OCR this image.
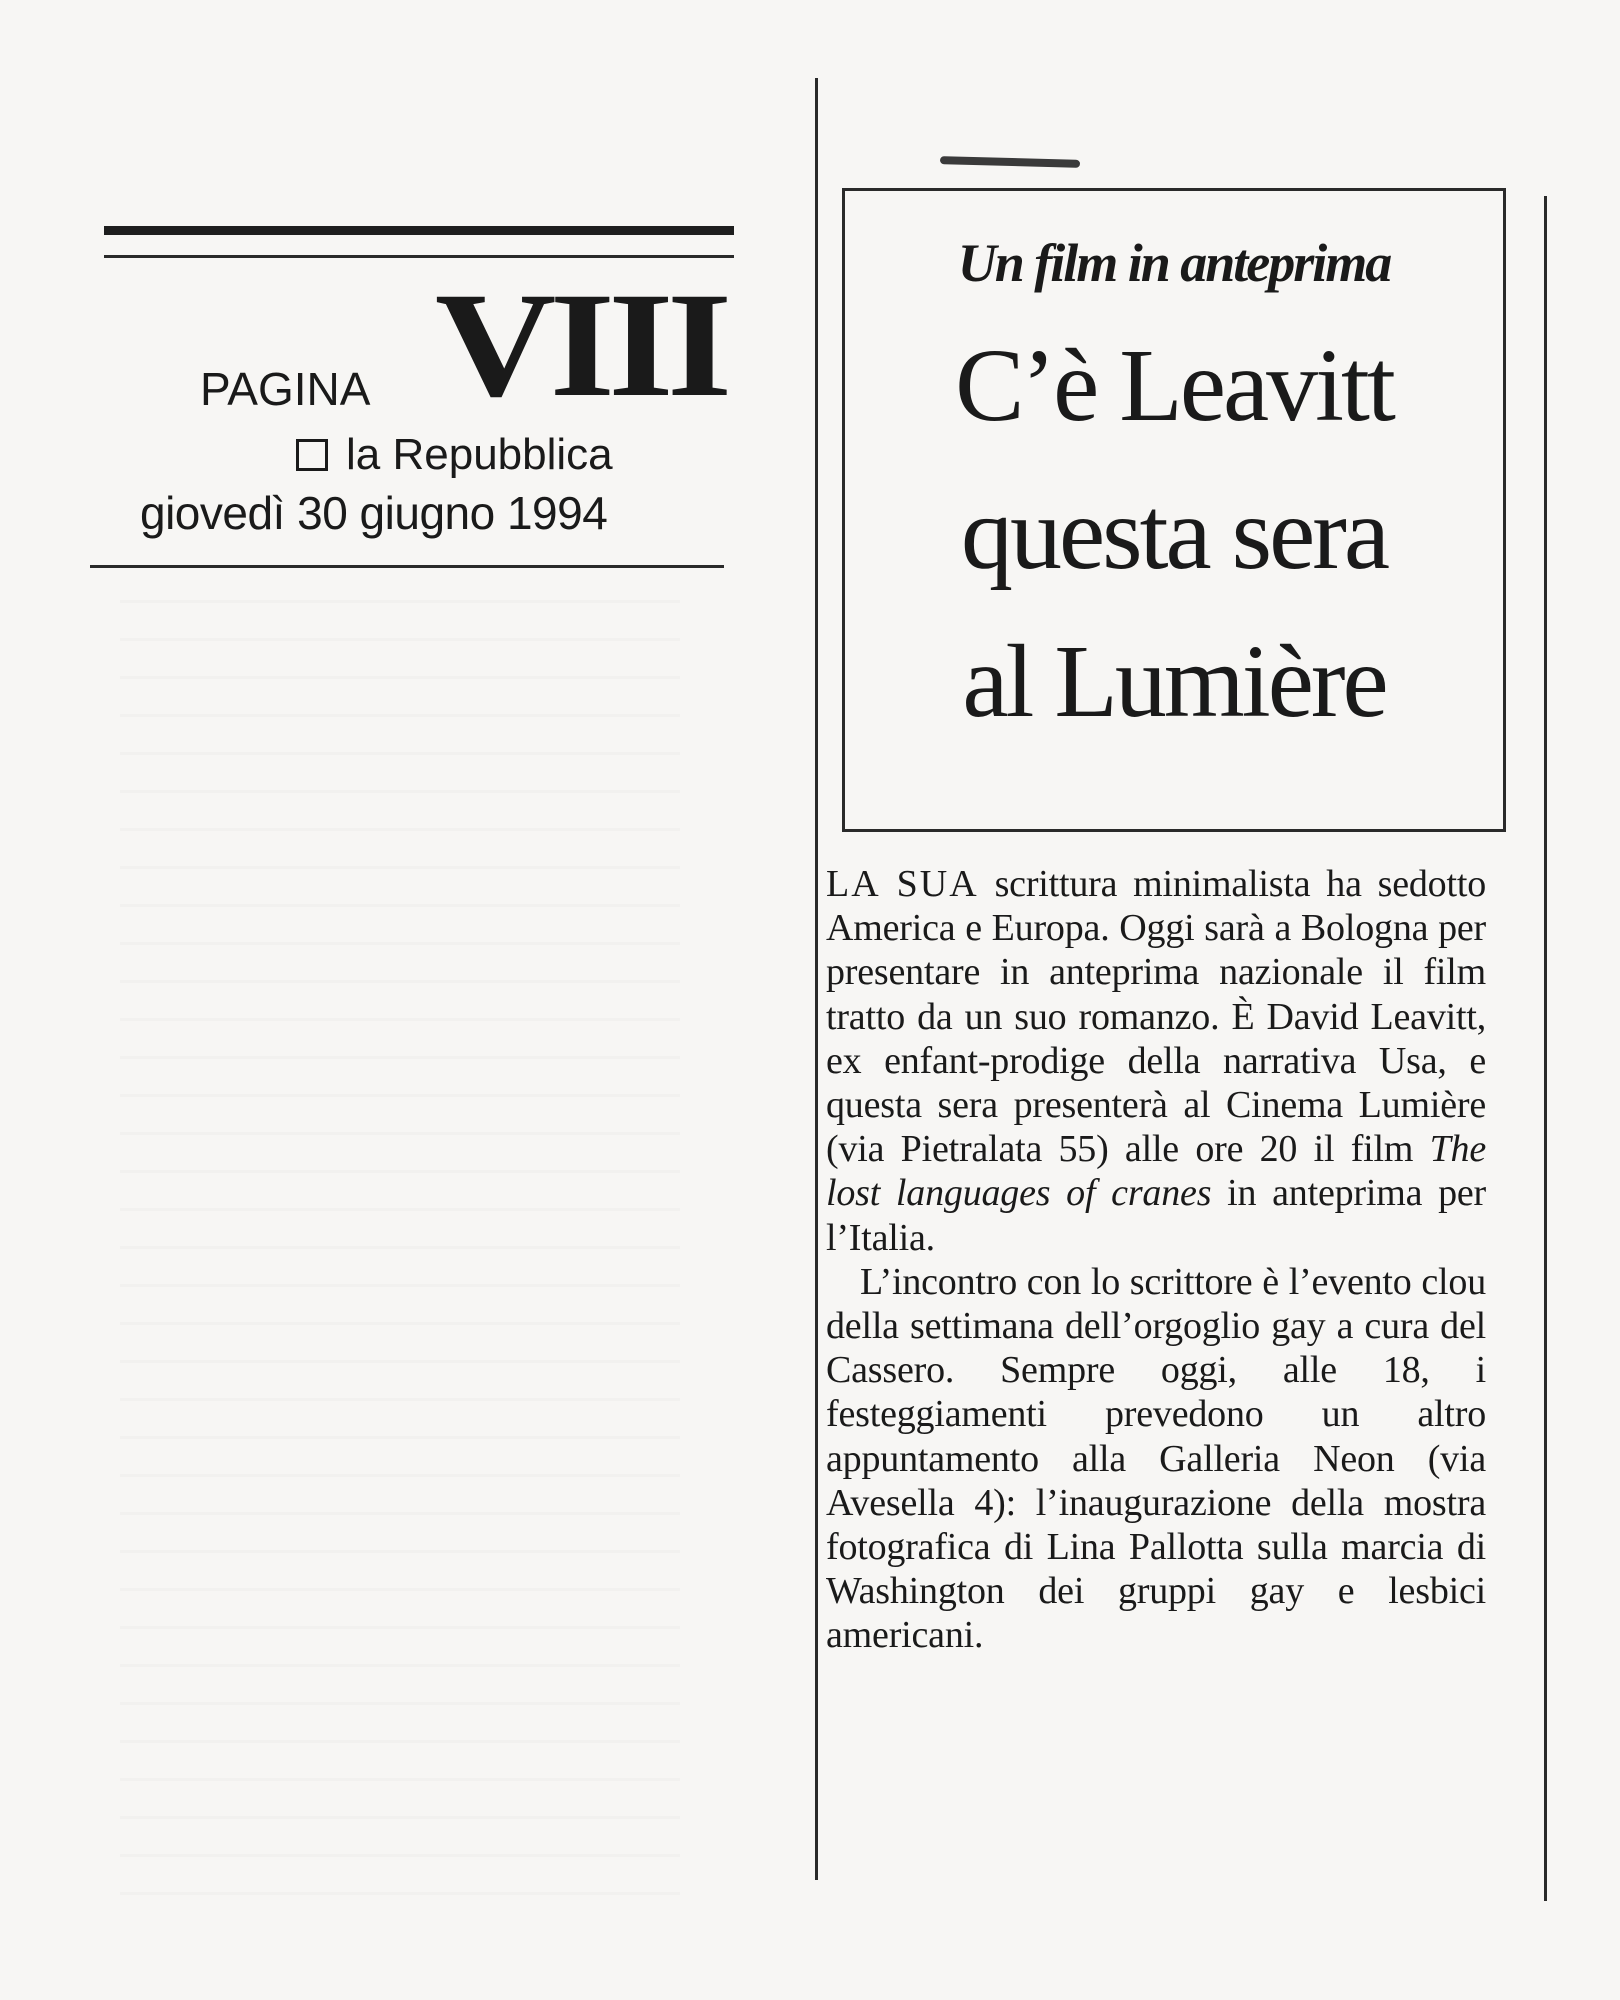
PAGINA VIII
la Repubblica
giovedì 30 giugno 1994
Un film in anteprima
C’è Leavitt
questa sera
al Lumière

LA SUA scrittura minimalista ha sedotto America e Europa. Oggi sarà a Bologna per presentare in anteprima nazionale il film tratto da un suo romanzo. È David Leavitt, ex enfant-prodige della narrativa Usa, e questa sera presenterà al Cinema Lumière (via Pietralata 55) alle ore 20 il film The lost languages of cranes in anteprima per l’Italia.

L’incontro con lo scrittore è l’evento clou della settimana dell’orgoglio gay a cura del Cassero. Sempre oggi, alle 18, i festeggiamenti prevedono un altro appuntamento alla Galleria Neon (via Avesella 4): l’inaugurazione della mostra fotografica di Lina Pallotta sulla marcia di Washington dei gruppi gay e lesbici americani.
